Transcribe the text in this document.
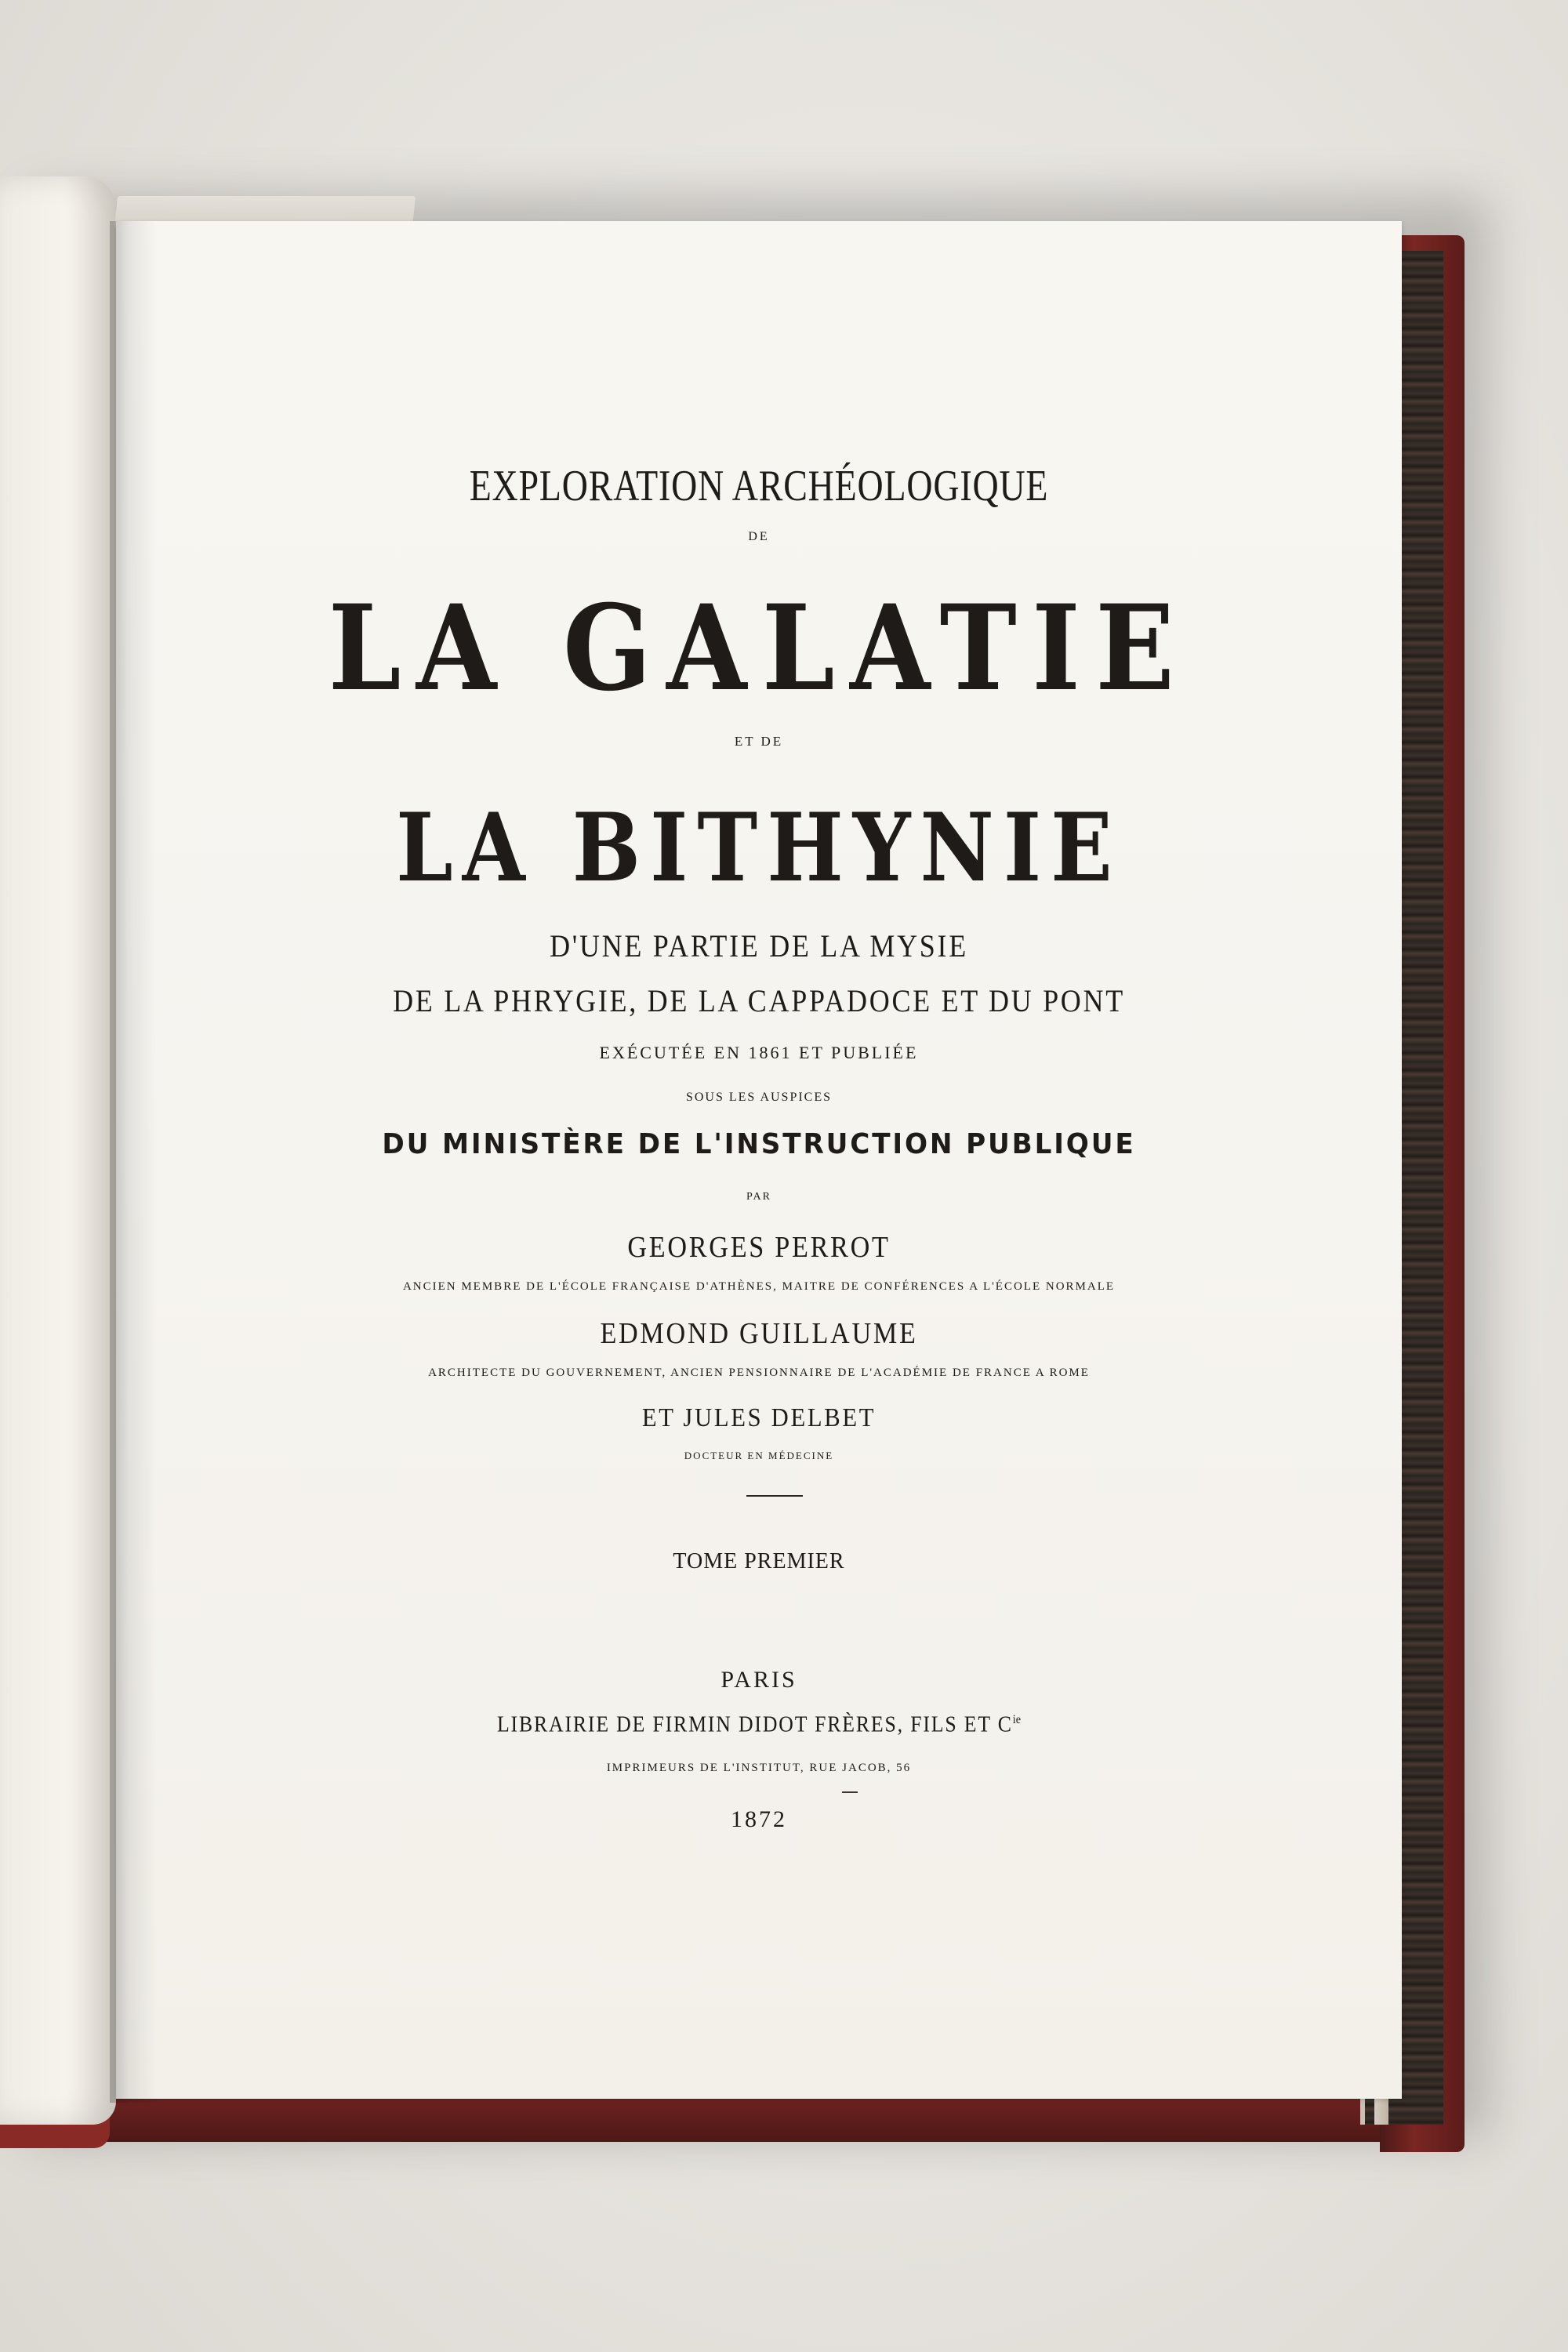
EXPLORATION ARCHÉOLOGIQUE
DE
LA GALATIE
ET DE
LA BITHYNIE
D'UNE PARTIE DE LA MYSIE
DE LA PHRYGIE, DE LA CAPPADOCE ET DU PONT
EXÉCUTÉE EN 1861 ET PUBLIÉE
SOUS LES AUSPICES
DU MINISTÈRE DE L'INSTRUCTION PUBLIQUE
PAR
GEORGES PERROT
ANCIEN MEMBRE DE L'ÉCOLE FRANÇAISE D'ATHÈNES, MAITRE DE CONFÉRENCES A L'ÉCOLE NORMALE
EDMOND GUILLAUME
ARCHITECTE DU GOUVERNEMENT, ANCIEN PENSIONNAIRE DE L'ACADÉMIE DE FRANCE A ROME
ET JULES DELBET
DOCTEUR EN MÉDECINE
TOME PREMIER
PARIS
LIBRAIRIE DE FIRMIN DIDOT FRÈRES, FILS ET $C^{ie}$
IMPRIMEURS DE L'INSTITUT, RUE JACOB, 56
1872
